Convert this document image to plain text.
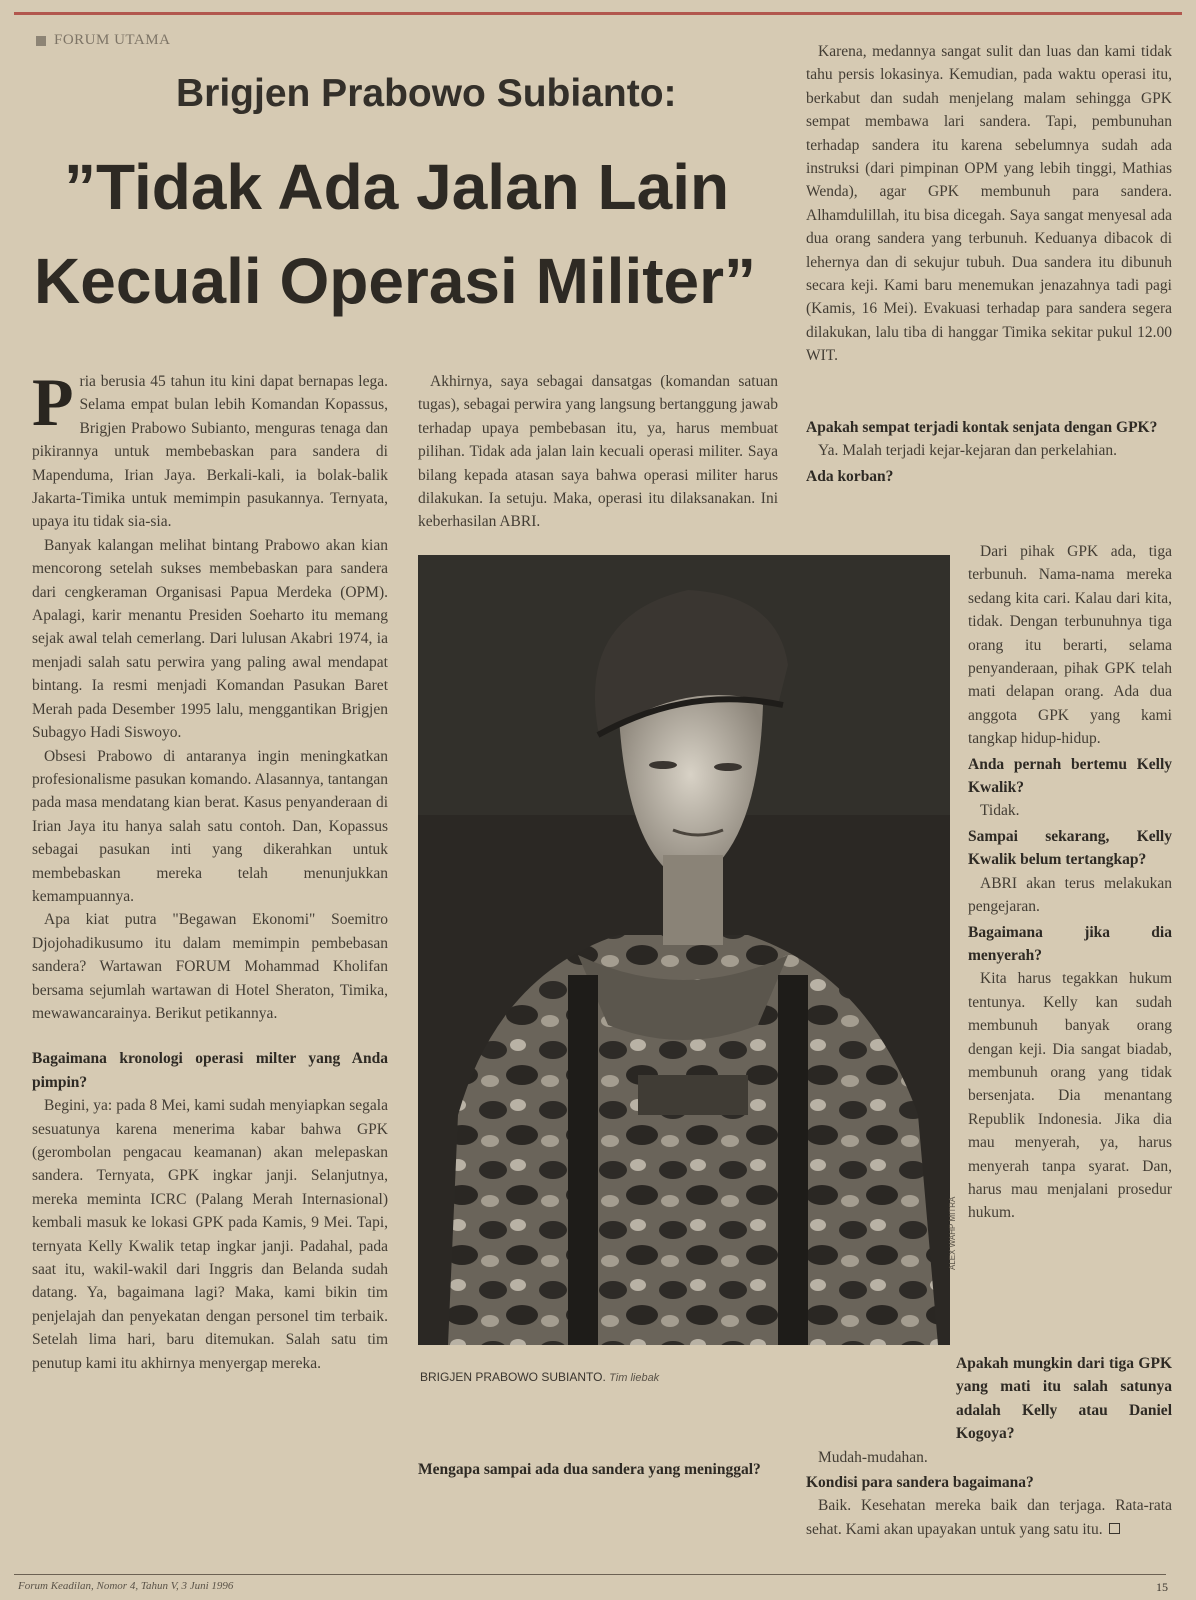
FORUM UTAMA
Brigjen Prabowo Subianto:
”Tidak Ada Jalan Lain
Kecuali Operasi Militer”

Pria berusia 45 tahun itu kini dapat bernapas lega. Selama empat bulan lebih Komandan Kopassus, Brigjen Prabowo Subianto, menguras tenaga dan pikirannya untuk membebaskan para sandera di Mapenduma, Irian Jaya. Berkali-kali, ia bolak-balik Jakarta-Timika untuk memimpin pasukannya. Ternyata, upaya itu tidak sia-sia.

Banyak kalangan melihat bintang Prabowo akan kian mencorong setelah sukses membebaskan para sandera dari cengkeraman Organisasi Papua Merdeka (OPM). Apalagi, karir menantu Presiden Soeharto itu memang sejak awal telah cemerlang. Dari lulusan Akabri 1974, ia menjadi salah satu perwira yang paling awal mendapat bintang. Ia resmi menjadi Komandan Pasukan Baret Merah pada Desember 1995 lalu, menggantikan Brigjen Subagyo Hadi Siswoyo.

Obsesi Prabowo di antaranya ingin meningkatkan profesionalisme pasukan komando. Alasannya, tantangan pada masa mendatang kian berat. Kasus penyanderaan di Irian Jaya itu hanya salah satu contoh. Dan, Kopassus sebagai pasukan inti yang dikerahkan untuk membebaskan mereka telah menunjukkan kemampuannya.

Apa kiat putra "Begawan Ekonomi" Soemitro Djojohadikusumo itu dalam memimpin pembebasan sandera? Wartawan FORUM Mohammad Kholifan bersama sejumlah wartawan di Hotel Sheraton, Timika, mewawancarainya. Berikut petikannya.

Bagaimana kronologi operasi milter yang Anda pimpin?

Begini, ya: pada 8 Mei, kami sudah menyiapkan segala sesuatunya karena menerima kabar bahwa GPK (gerombolan pengacau keamanan) akan melepaskan sandera. Ternyata, GPK ingkar janji. Selanjutnya, mereka meminta ICRC (Palang Merah Internasional) kembali masuk ke lokasi GPK pada Kamis, 9 Mei. Tapi, ternyata Kelly Kwalik tetap ingkar janji. Padahal, pada saat itu, wakil-wakil dari Inggris dan Belanda sudah datang. Ya, bagaimana lagi? Maka, kami bikin tim penjelajah dan penyekatan dengan personel tim terbaik. Setelah lima hari, baru ditemukan. Salah satu tim penutup kami itu akhirnya menyergap mereka.

Akhirnya, saya sebagai dansatgas (komandan satuan tugas), sebagai perwira yang langsung bertanggung jawab terhadap upaya pembebasan itu, ya, harus membuat pilihan. Tidak ada jalan lain kecuali operasi militer. Saya bilang kepada atasan saya bahwa operasi militer harus dilakukan. Ia setuju. Maka, operasi itu dilaksanakan. Ini keberhasilan ABRI.

ALEX WAHP MITRA
BRIGJEN PRABOWO SUBIANTO. Tim liebak

Mengapa sampai ada dua sandera yang meninggal?

Karena, medannya sangat sulit dan luas dan kami tidak tahu persis lokasinya. Kemudian, pada waktu operasi itu, berkabut dan sudah menjelang malam sehingga GPK sempat membawa lari sandera. Tapi, pembunuhan terhadap sandera itu karena sebelumnya sudah ada instruksi (dari pimpinan OPM yang lebih tinggi, Mathias Wenda), agar GPK membunuh para sandera. Alhamdulillah, itu bisa dicegah. Saya sangat menyesal ada dua orang sandera yang terbunuh. Keduanya dibacok di lehernya dan di sekujur tubuh. Dua sandera itu dibunuh secara keji. Kami baru menemukan jenazahnya tadi pagi (Kamis, 16 Mei). Evakuasi terhadap para sandera segera dilakukan, lalu tiba di hanggar Timika sekitar pukul 12.00 WIT.

Apakah sempat terjadi kontak senjata dengan GPK?

Ya. Malah terjadi kejar-kejaran dan perkelahian.

Ada korban?

Dari pihak GPK ada, tiga terbunuh. Nama-nama mereka sedang kita cari. Kalau dari kita, tidak. Dengan terbunuhnya tiga orang itu berarti, selama penyanderaan, pihak GPK telah mati delapan orang. Ada dua anggota GPK yang kami tangkap hidup-hidup.

Anda pernah bertemu Kelly Kwalik?

Tidak.

Sampai sekarang, Kelly Kwalik belum tertangkap?

ABRI akan terus melakukan pengejaran.

Bagaimana jika dia menyerah?

Kita harus tegakkan hukum tentunya. Kelly kan sudah membunuh banyak orang dengan keji. Dia sangat biadab, membunuh orang yang tidak bersenjata. Dia menantang Republik Indonesia. Jika dia mau menyerah, ya, harus menyerah tanpa syarat. Dan, harus mau menjalani prosedur hukum.

Apakah mungkin dari tiga GPK yang mati itu salah satunya adalah Kelly atau Daniel Kogoya?

Mudah-mudahan.

Kondisi para sandera bagaimana?

Baik. Kesehatan mereka baik dan terjaga. Rata-rata sehat. Kami akan upayakan untuk yang satu itu.

Forum Keadilan, Nomor 4, Tahun V, 3 Juni 1996	15
